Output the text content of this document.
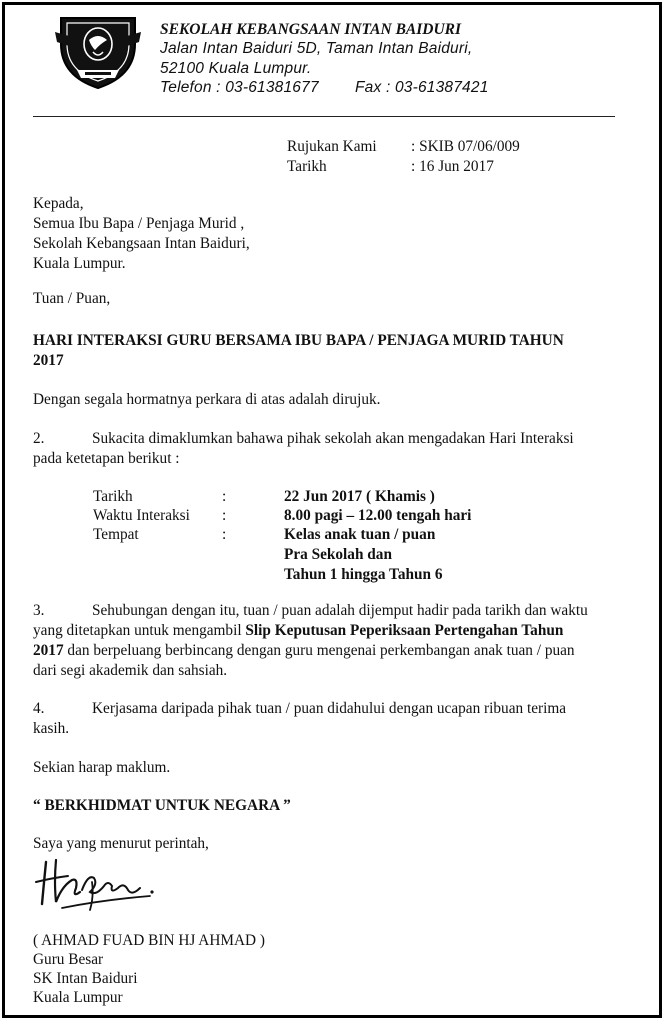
SEKOLAH KEBANGSAAN INTAN BAIDURI
Jalan Intan Baiduri 5D, Taman Intan Baiduri,
52100 Kuala Lumpur.
Telefon : 03-61381677 Fax : 03-61387421
Rujukan Kami : SKIB 07/06/009
Tarikh	: 16 Jun 2017
Kepada,
Semua Ibu Bapa / Penjaga Murid ,
Sekolah Kebangsaan Intan Baiduri,
Kuala Lumpur.
Tuan / Puan,
HARI INTERAKSI GURU BERSAMA IBU BAPA / PENJAGA MURID TAHUN
2017
Dengan segala hormatnya perkara di atas adalah dirujuk.
2.	Sukacita dimaklumkan bahawa pihak sekolah akan mengadakan Hari Interaksi
pada ketetapan berikut :
Tarikh	:	22 Jun 2017 ( Khamis )
Waktu Interaksi :	8.00 pagi – 12.00 tengah hari
Tempat	:	Kelas anak tuan / puan
Pra Sekolah dan
Tahun 1 hingga Tahun 6
3.	Sehubungan dengan itu, tuan / puan adalah dijemput hadir pada tarikh dan waktu
yang ditetapkan untuk mengambil Slip Keputusan Peperiksaan Pertengahan Tahun
2017 dan berpeluang berbincang dengan guru mengenai perkembangan anak tuan / puan
dari segi akademik dan sahsiah.
4.	Kerjasama daripada pihak tuan / puan didahului dengan ucapan ribuan terima
kasih.
Sekian harap maklum.
“ BERKHIDMAT UNTUK NEGARA ”
Saya yang menurut perintah,
( AHMAD FUAD BIN HJ AHMAD )
Guru Besar
SK Intan Baiduri
Kuala Lumpur
